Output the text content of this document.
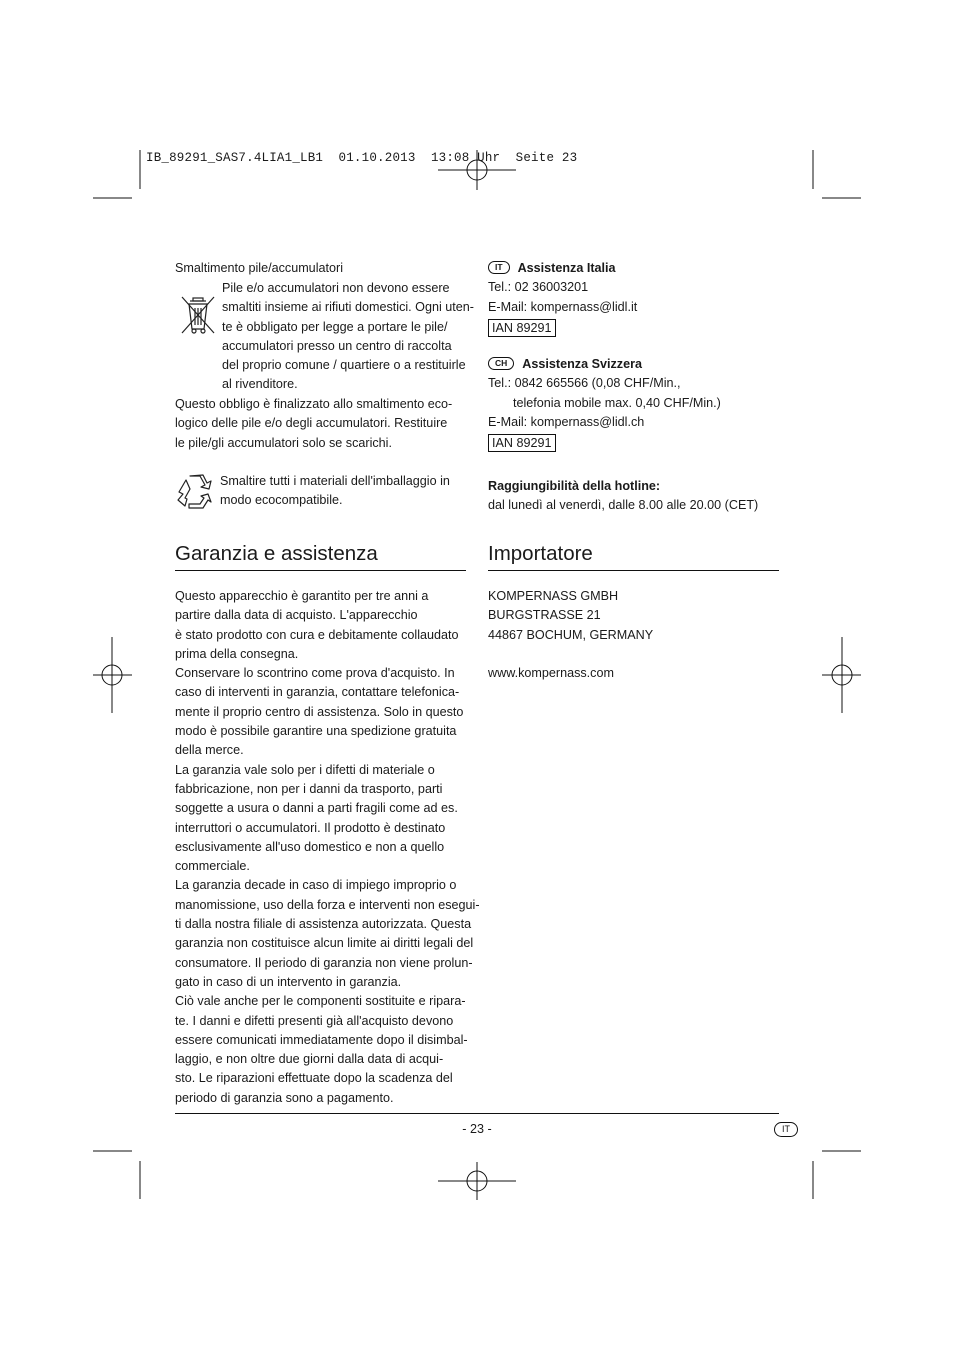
IB_89291_SAS7.4LIA1_LB1  01.10.2013  13:08 Uhr  Seite 23
Smaltimento pile/accumulatori
Pile e/o accumulatori non devono essere
smaltiti insieme ai rifiuti domestici. Ogni uten-
te è obbligato per legge a portare le pile/
accumulatori presso un centro di raccolta
del proprio comune / quartiere o a restituirle
al rivenditore.
Questo obbligo è finalizzato allo smaltimento eco-
logico delle pile e/o degli accumulatori. Restituire
le pile/gli accumulatori solo se scarichi.
Smaltire tutti i materiali dell'imballaggio in
modo ecocompatibile.
Garanzia e assistenza
Questo apparecchio è garantito per tre anni a
partire dalla data di acquisto. L'apparecchio
è stato prodotto con cura e debitamente collaudato
prima della consegna.
Conservare lo scontrino come prova d'acquisto. In
caso di interventi in garanzia, contattare telefonica-
mente il proprio centro di assistenza. Solo in questo
modo è possibile garantire una spedizione gratuita
della merce.
La garanzia vale solo per i difetti di materiale o
fabbricazione, non per i danni da trasporto, parti
soggette a usura o danni a parti fragili come ad es.
interruttori o accumulatori. Il prodotto è destinato
esclusivamente all'uso domestico e non a quello
commerciale.
La garanzia decade in caso di impiego improprio o
manomissione, uso della forza e interventi non esegui-
ti dalla nostra filiale di assistenza autorizzata. Questa
garanzia non costituisce alcun limite ai diritti legali del
consumatore. Il periodo di garanzia non viene prolun-
gato in caso di un intervento in garanzia.
Ciò vale anche per le componenti sostituite e ripara-
te. I danni e difetti presenti già all'acquisto devono
essere comunicati immediatamente dopo il disimbal-
laggio, e non oltre due giorni dalla data di acqui-
sto. Le riparazioni effettuate dopo la scadenza del
periodo di garanzia sono a pagamento.
IT Assistenza Italia
Tel.: 02 36003201
E-Mail: kompernass@lidl.it
IAN 89291
CH Assistenza Svizzera
Tel.: 0842 665566 (0,08 CHF/Min.,
telefonia mobile max. 0,40 CHF/Min.)
E-Mail: kompernass@lidl.ch
IAN 89291
Raggiungibilità della hotline:
dal lunedì al venerdì, dalle 8.00 alle 20.00 (CET)
Importatore
KOMPERNASS GMBH
BURGSTRASSE 21
44867 BOCHUM, GERMANY
www.kompernass.com
- 23 -	IT
